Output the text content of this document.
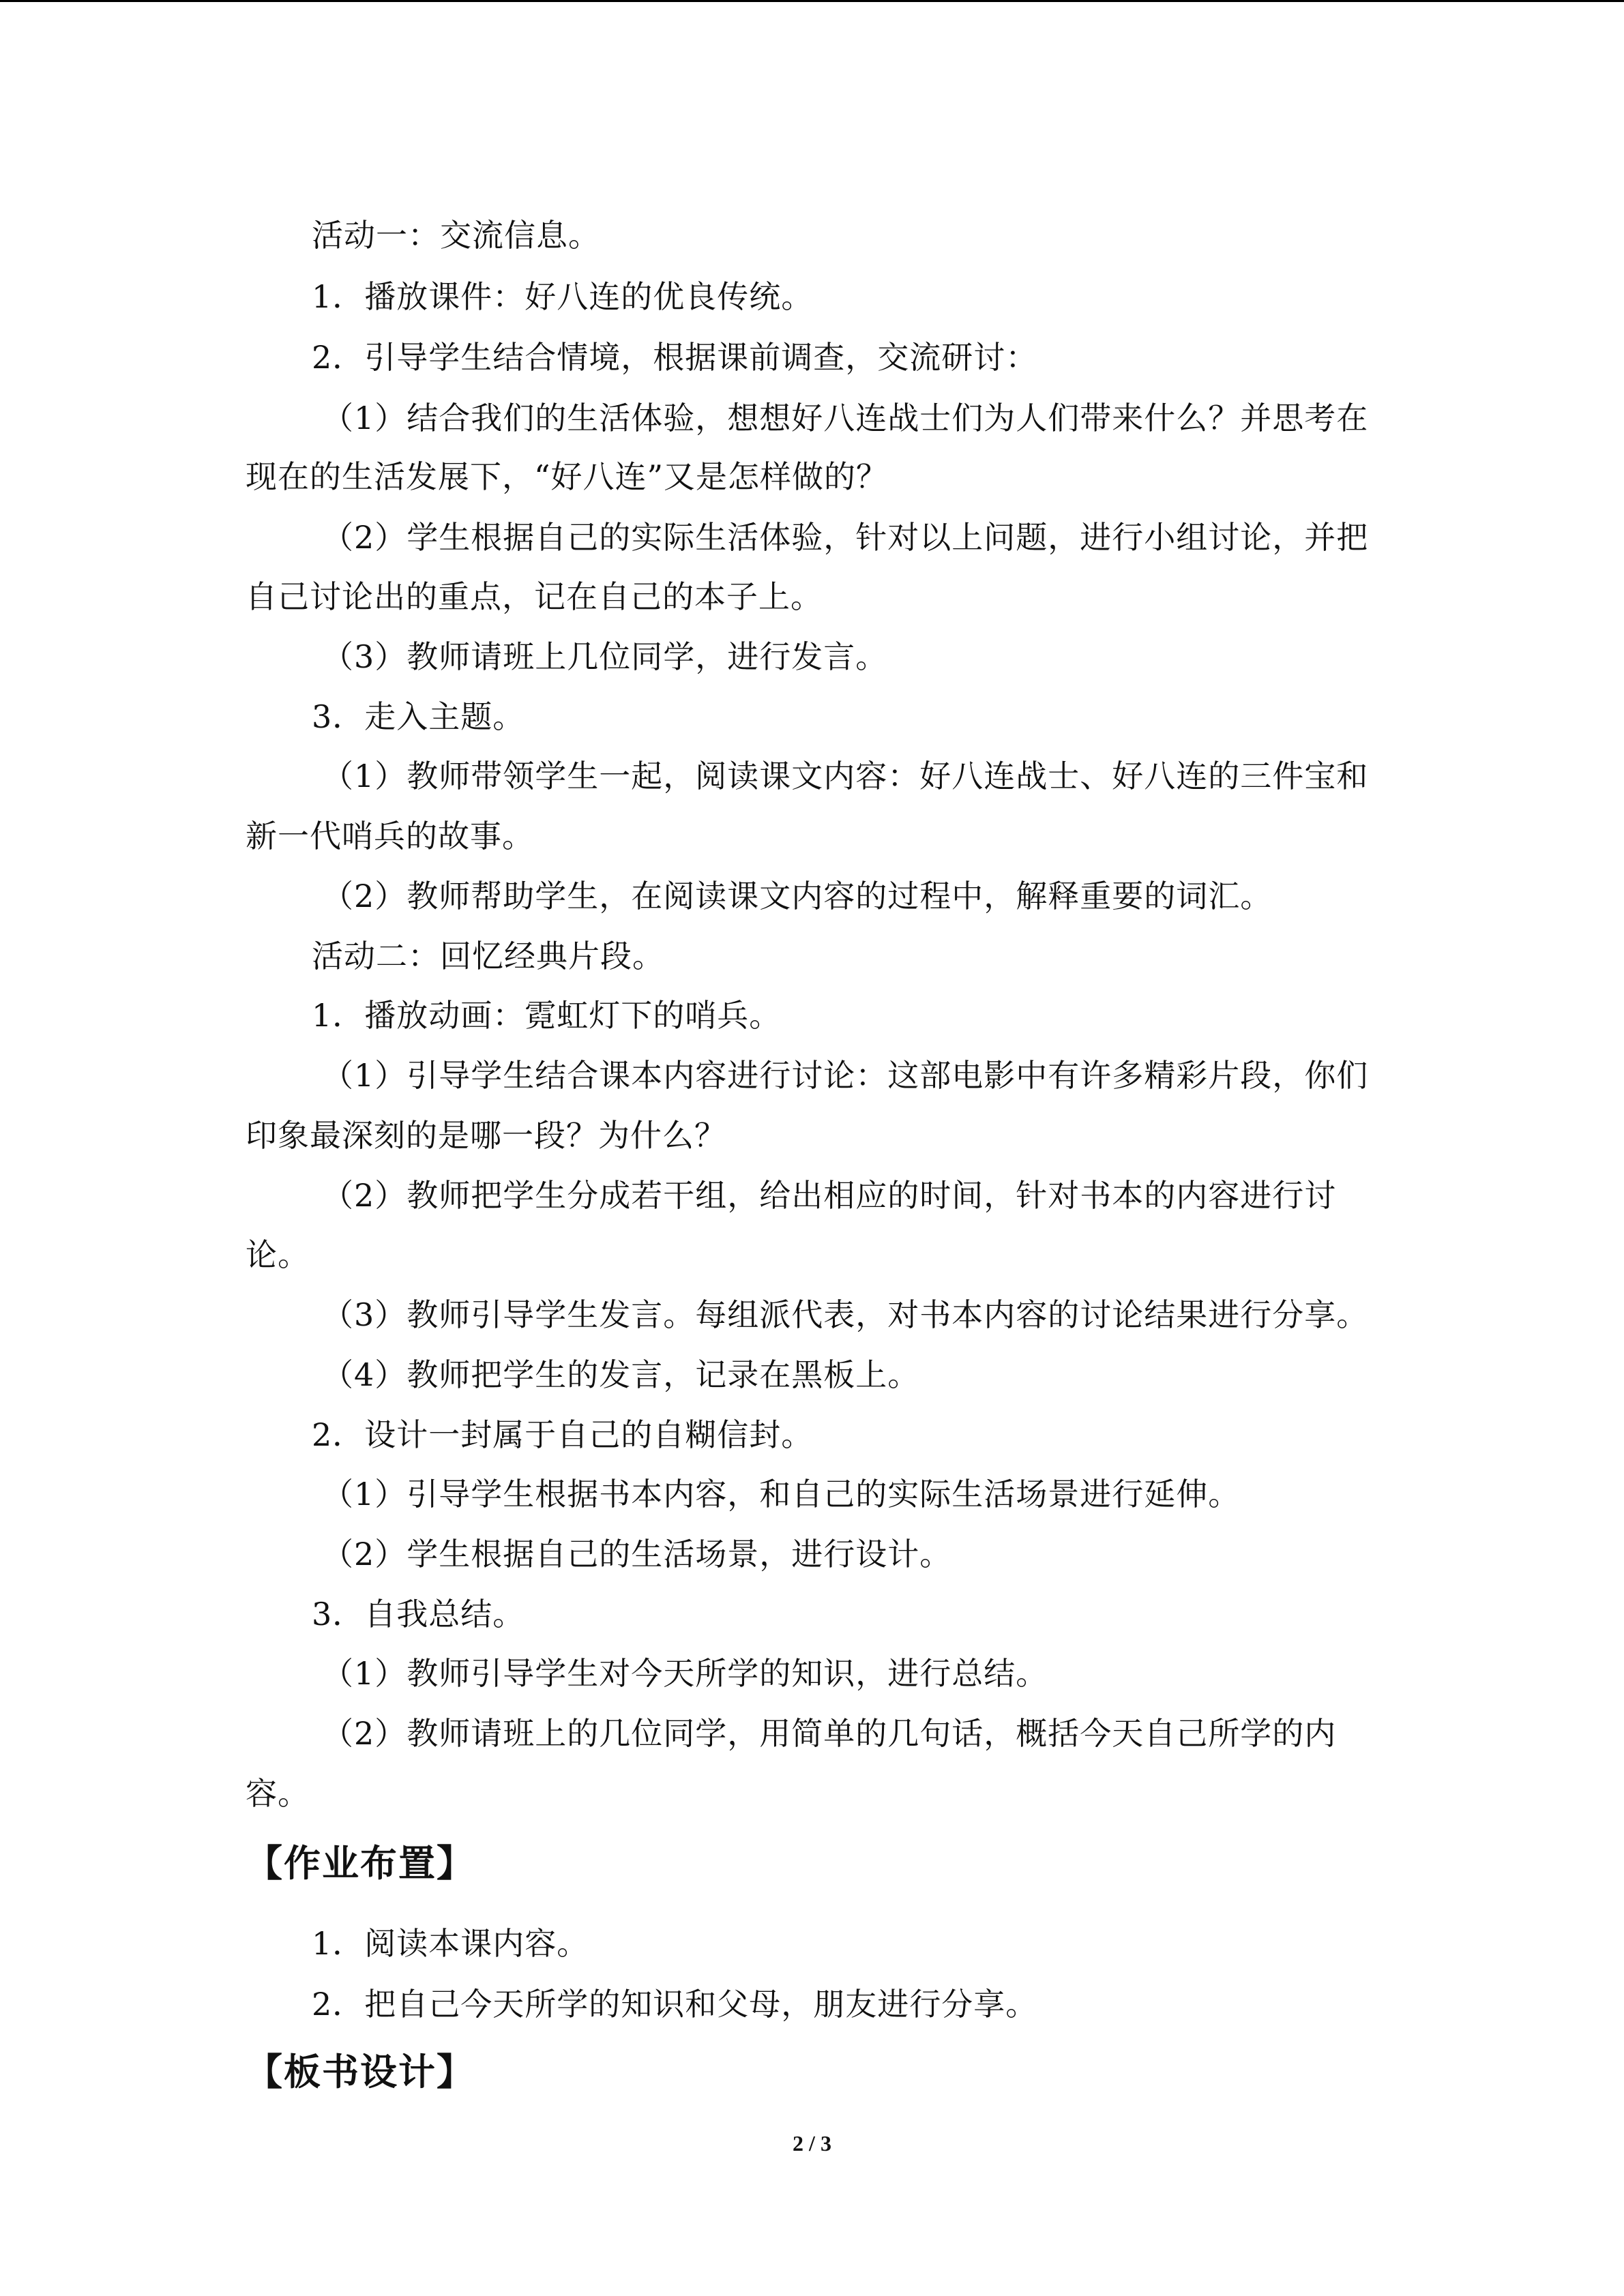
活动一：交流信息。
1．播放课件：好八连的优良传统。
2．引导学生结合情境，根据课前调查，交流研讨：
（1）结合我们的生活体验，想想好八连战士们为人们带来什么？并思考在
现在的生活发展下，“好八连”又是怎样做的？
（2）学生根据自己的实际生活体验，针对以上问题，进行小组讨论，并把
自己讨论出的重点，记在自己的本子上。
（3）教师请班上几位同学，进行发言。
3．走入主题。
（1）教师带领学生一起，阅读课文内容：好八连战士、好八连的三件宝和
新一代哨兵的故事。
（2）教师帮助学生，在阅读课文内容的过程中，解释重要的词汇。
活动二：回忆经典片段。
1．播放动画：霓虹灯下的哨兵。
（1）引导学生结合课本内容进行讨论：这部电影中有许多精彩片段，你们
印象最深刻的是哪一段？为什么？
（2）教师把学生分成若干组，给出相应的时间，针对书本的内容进行讨
论。
（3）教师引导学生发言。每组派代表，对书本内容的讨论结果进行分享。
（4）教师把学生的发言，记录在黑板上。
2．设计一封属于自己的自糊信封。
（1）引导学生根据书本内容，和自己的实际生活场景进行延伸。
（2）学生根据自己的生活场景，进行设计。
3．自我总结。
（1）教师引导学生对今天所学的知识，进行总结。
（2）教师请班上的几位同学，用简单的几句话，概括今天自己所学的内
容。
【作业布置】
1．阅读本课内容。
2．把自己今天所学的知识和父母，朋友进行分享。
【板书设计】
2 / 3
